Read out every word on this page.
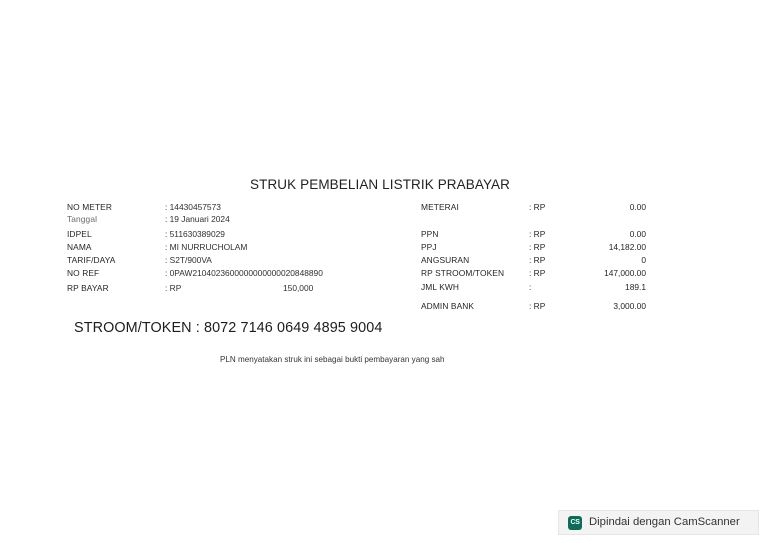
STRUK PEMBELIAN LISTRIK PRABAYAR
NO METER	: 14430457573
Tanggal	: 19 Januari 2024
IDPEL	: 511630389029
NAMA	: MI NURRUCHOLAM
TARIF/DAYA	: S2T/900VA
NO REF	: 0PAW2104023600000000000020848890
RP BAYAR	: RP	150,000
METERAI	: RP	0.00
PPN	: RP	0.00
PPJ	: RP	14,182.00
ANGSURAN	: RP	0
RP STROOM/TOKEN	: RP	147,000.00
JML KWH	:	189.1
ADMIN BANK	: RP	3,000.00
STROOM/TOKEN : 8072 7146 0649 4895 9004
PLN menyatakan struk ini sebagai bukti pembayaran yang sah
CS Dipindai dengan CamScanner
